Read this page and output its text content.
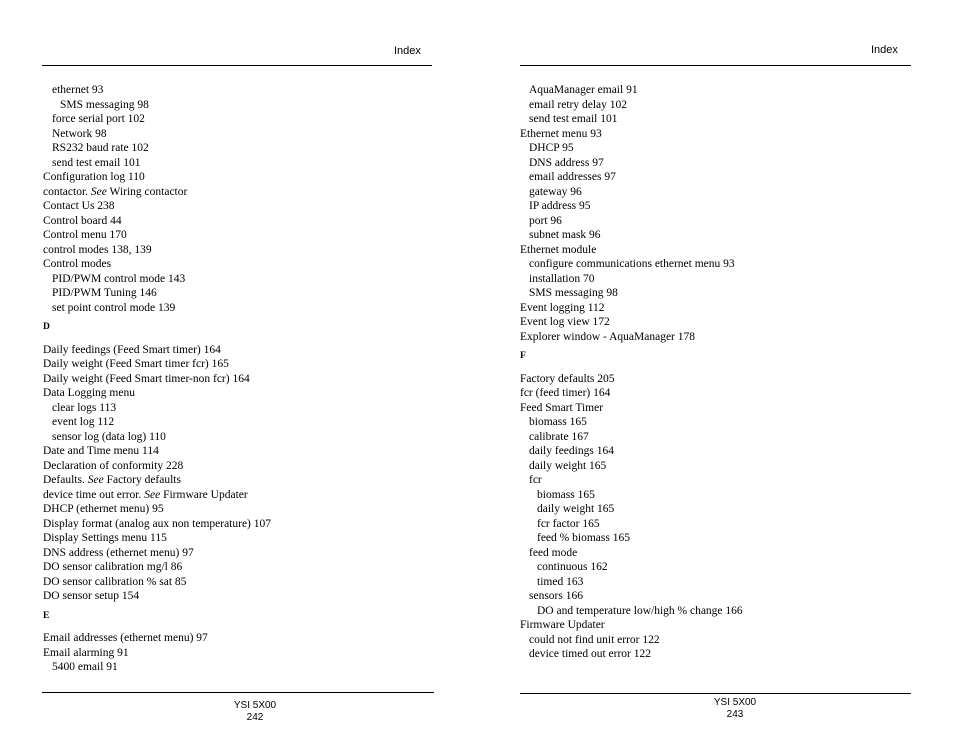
Index
ethernet 93
SMS messaging 98
force serial port 102
Network 98
RS232 baud rate 102
send test email 101
Configuration log 110
contactor. See Wiring contactor
Contact Us 238
Control board 44
Control menu 170
control modes 138, 139
Control modes
PID/PWM control mode 143
PID/PWM Tuning 146
set point control mode 139
D
Daily feedings (Feed Smart timer) 164
Daily weight (Feed Smart timer fcr) 165
Daily weight (Feed Smart timer-non fcr) 164
Data Logging menu
clear logs 113
event log 112
sensor log (data log) 110
Date and Time menu 114
Declaration of conformity 228
Defaults. See Factory defaults
device time out error. See Firmware Updater
DHCP (ethernet menu) 95
Display format (analog aux non temperature) 107
Display Settings menu 115
DNS address (ethernet menu) 97
DO sensor calibration mg/l 86
DO sensor calibration % sat 85
DO sensor setup 154
E
Email addresses (ethernet menu) 97
Email alarming 91
5400 email 91
YSI 5X00
242
Index
AquaManager email 91
email retry delay 102
send test email 101
Ethernet menu 93
DHCP 95
DNS address 97
email addresses 97
gateway 96
IP address 95
port 96
subnet mask 96
Ethernet module
configure communications ethernet menu 93
installation 70
SMS messaging 98
Event logging 112
Event log view 172
Explorer window - AquaManager 178
F
Factory defaults 205
fcr (feed timer) 164
Feed Smart Timer
biomass 165
calibrate 167
daily feedings 164
daily weight 165
fcr
biomass 165
daily weight 165
fcr factor 165
feed % biomass 165
feed mode
continuous 162
timed 163
sensors 166
DO and temperature low/high % change 166
Firmware Updater
could not find unit error 122
device timed out error 122
YSI 5X00
243
